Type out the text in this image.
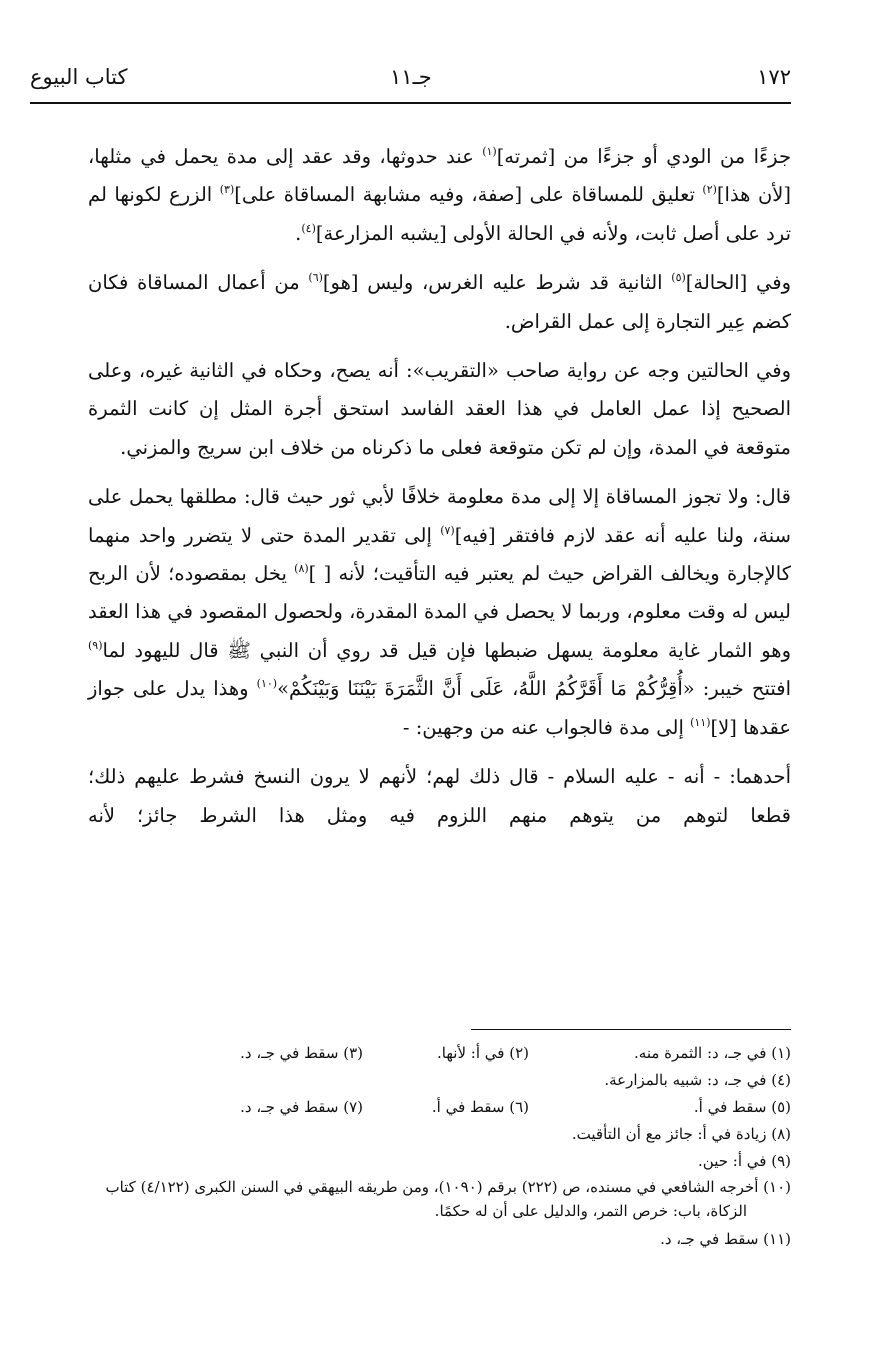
١٧٢
جـ١١
كتاب البيوع

جزءًا من الودي أو جزءًا من [ثمرته]$^{(١)}$ عند حدوثها، وقد عقد إلى مدة يحمل في مثلها، [لأن هذا]$^{(٢)}$ تعليق للمساقاة على [صفة، وفيه مشابهة المساقاة على]$^{(٣)}$ الزرع لكونها لم ترد على أصل ثابت، ولأنه في الحالة الأولى [يشبه المزارعة]$^{(٤)}$.

وفي [الحالة]$^{(٥)}$ الثانية قد شرط عليه الغرس، وليس [هو]$^{(٦)}$ من أعمال المساقاة فكان كضم عِير التجارة إلى عمل القراض.

وفي الحالتين وجه عن رواية صاحب «التقريب»: أنه يصح، وحكاه في الثانية غيره، وعلى الصحيح إذا عمل العامل في هذا العقد الفاسد استحق أجرة المثل إن كانت الثمرة متوقعة في المدة، وإن لم تكن متوقعة فعلى ما ذكرناه من خلاف ابن سريج والمزني.

قال: ولا تجوز المساقاة إلا إلى مدة معلومة خلافًا لأبي ثور حيث قال: مطلقها يحمل على سنة، ولنا عليه أنه عقد لازم فافتقر [فيه]$^{(٧)}$ إلى تقدير المدة حتى لا يتضرر واحد منهما كالإجارة ويخالف القراض حيث لم يعتبر فيه التأقيت؛ لأنه [ ]$^{(٨)}$ يخل بمقصوده؛ لأن الربح ليس له وقت معلوم، وربما لا يحصل في المدة المقدرة، ولحصول المقصود في هذا العقد وهو الثمار غاية معلومة يسهل ضبطها فإن قيل قد روي أن النبي ﷺ قال لليهود لما$^{(٩)}$ افتتح خيبر: «أُقِرُّكُمْ مَا أَقَرَّكُمُ اللَّهُ، عَلَى أَنَّ الثَّمَرَةَ بَيْنَنَا وَبَيْنَكُمْ»$^{(١٠)}$ وهذا يدل على جواز عقدها [لا]$^{(١١)}$ إلى مدة فالجواب عنه من وجهين: -

أحدهما: - أنه - عليه السلام - قال ذلك لهم؛ لأنهم لا يرون النسخ فشرط عليهم ذلك؛ قطعا لتوهم من يتوهم منهم اللزوم فيه ومثل هذا الشرط جائز؛ لأنه

(١) في جـ، د: الثمرة منه.
(٢) في أ: لأنها.
(٣) سقط في جـ، د.
(٤) في جـ، د: شبيه بالمزارعة.
(٥) سقط في أ.
(٦) سقط في أ.
(٧) سقط في جـ، د.
(٨) زيادة في أ: جائز مع أن التأقيت.
(٩) في أ: حين.
(١٠) أخرجه الشافعي في مسنده، ص (٢٢٢) برقم (١٠٩٠)، ومن طريقه البيهقي في السنن الكبرى (٤/١٢٢) كتاب الزكاة، باب: خرص التمر، والدليل على أن له حكمًا.
(١١) سقط في جـ، د.
